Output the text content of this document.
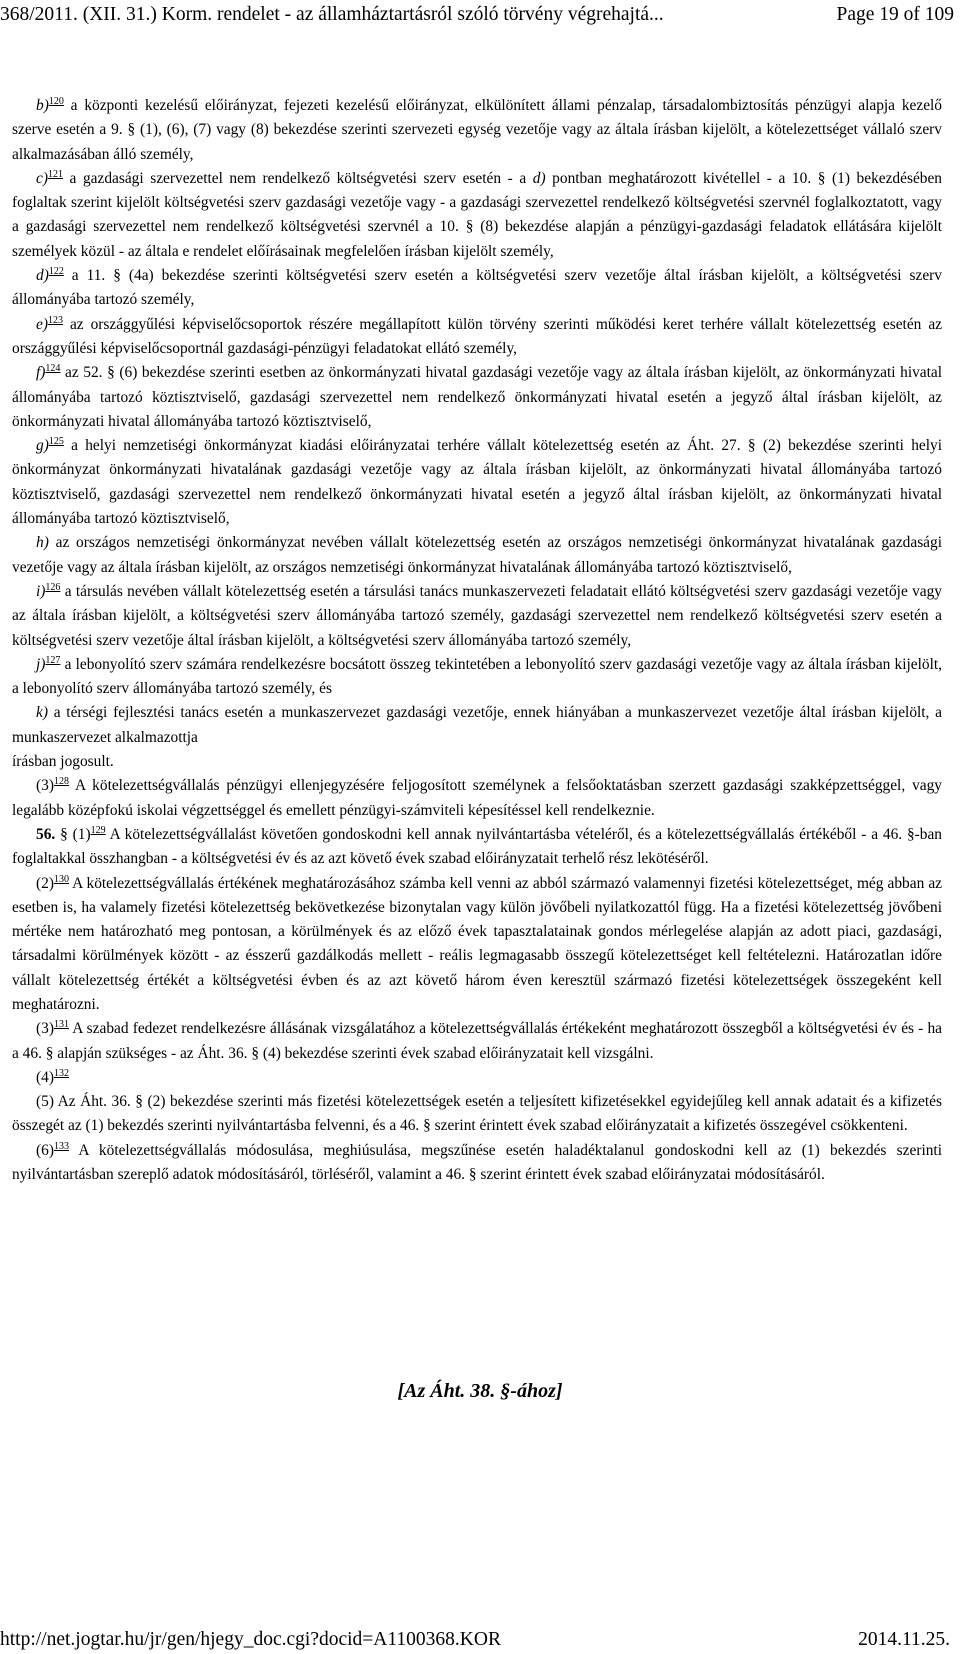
368/2011. (XII. 31.) Korm. rendelet - az államháztartásról szóló törvény végrehajtá...	Page 19 of 109

b)$^{120}$ a központi kezelésű előirányzat, fejezeti kezelésű előirányzat, elkülönített állami pénzalap, társadalombiztosítás pénzügyi alapja kezelő szerve esetén a 9. § (1), (6), (7) vagy (8) bekezdése szerinti szervezeti egység vezetője vagy az általa írásban kijelölt, a kötelezettséget vállaló szerv alkalmazásában álló személy,

c)$^{121}$ a gazdasági szervezettel nem rendelkező költségvetési szerv esetén - a d) pontban meghatározott kivétellel - a 10. § (1) bekezdésében foglaltak szerint kijelölt költségvetési szerv gazdasági vezetője vagy - a gazdasági szervezettel rendelkező költségvetési szervnél foglalkoztatott, vagy a gazdasági szervezettel nem rendelkező költségvetési szervnél a 10. § (8) bekezdése alapján a pénzügyi-gazdasági feladatok ellátására kijelölt személyek közül - az általa e rendelet előírásainak megfelelően írásban kijelölt személy,

d)$^{122}$ a 11. § (4a) bekezdése szerinti költségvetési szerv esetén a költségvetési szerv vezetője által írásban kijelölt, a költségvetési szerv állományába tartozó személy,

e)$^{123}$ az országgyűlési képviselőcsoportok részére megállapított külön törvény szerinti működési keret terhére vállalt kötelezettség esetén az országgyűlési képviselőcsoportnál gazdasági-pénzügyi feladatokat ellátó személy,

f)$^{124}$ az 52. § (6) bekezdése szerinti esetben az önkormányzati hivatal gazdasági vezetője vagy az általa írásban kijelölt, az önkormányzati hivatal állományába tartozó köztisztviselő, gazdasági szervezettel nem rendelkező önkormányzati hivatal esetén a jegyző által írásban kijelölt, az önkormányzati hivatal állományába tartozó köztisztviselő,

g)$^{125}$ a helyi nemzetiségi önkormányzat kiadási előirányzatai terhére vállalt kötelezettség esetén az Áht. 27. § (2) bekezdése szerinti helyi önkormányzat önkormányzati hivatalának gazdasági vezetője vagy az általa írásban kijelölt, az önkormányzati hivatal állományába tartozó köztisztviselő, gazdasági szervezettel nem rendelkező önkormányzati hivatal esetén a jegyző által írásban kijelölt, az önkormányzati hivatal állományába tartozó köztisztviselő,

h) az országos nemzetiségi önkormányzat nevében vállalt kötelezettség esetén az országos nemzetiségi önkormányzat hivatalának gazdasági vezetője vagy az általa írásban kijelölt, az országos nemzetiségi önkormányzat hivatalának állományába tartozó köztisztviselő,

i)$^{126}$ a társulás nevében vállalt kötelezettség esetén a társulási tanács munkaszervezeti feladatait ellátó költségvetési szerv gazdasági vezetője vagy az általa írásban kijelölt, a költségvetési szerv állományába tartozó személy, gazdasági szervezettel nem rendelkező költségvetési szerv esetén a költségvetési szerv vezetője által írásban kijelölt, a költségvetési szerv állományába tartozó személy,

j)$^{127}$ a lebonyolító szerv számára rendelkezésre bocsátott összeg tekintetében a lebonyolító szerv gazdasági vezetője vagy az általa írásban kijelölt, a lebonyolító szerv állományába tartozó személy, és

k) a térségi fejlesztési tanács esetén a munkaszervezet gazdasági vezetője, ennek hiányában a munkaszervezet vezetője által írásban kijelölt, a munkaszervezet alkalmazottja

írásban jogosult.

(3)$^{128}$ A kötelezettségvállalás pénzügyi ellenjegyzésére feljogosított személynek a felsőoktatásban szerzett gazdasági szakképzettséggel, vagy legalább középfokú iskolai végzettséggel és emellett pénzügyi-számviteli képesítéssel kell rendelkeznie.

56. § (1)$^{129}$ A kötelezettségvállalást követően gondoskodni kell annak nyilvántartásba vételéről, és a kötelezettségvállalás értékéből - a 46. §-ban foglaltakkal összhangban - a költségvetési év és az azt követő évek szabad előirányzatait terhelő rész lekötéséről.

(2)$^{130}$ A kötelezettségvállalás értékének meghatározásához számba kell venni az abból származó valamennyi fizetési kötelezettséget, még abban az esetben is, ha valamely fizetési kötelezettség bekövetkezése bizonytalan vagy külön jövőbeli nyilatkozattól függ. Ha a fizetési kötelezettség jövőbeni mértéke nem határozható meg pontosan, a körülmények és az előző évek tapasztalatainak gondos mérlegelése alapján az adott piaci, gazdasági, társadalmi körülmények között - az ésszerű gazdálkodás mellett - reális legmagasabb összegű kötelezettséget kell feltételezni. Határozatlan időre vállalt kötelezettség értékét a költségvetési évben és az azt követő három éven keresztül származó fizetési kötelezettségek összegeként kell meghatározni.

(3)$^{131}$ A szabad fedezet rendelkezésre állásának vizsgálatához a kötelezettségvállalás értékeként meghatározott összegből a költségvetési év és - ha a 46. § alapján szükséges - az Áht. 36. § (4) bekezdése szerinti évek szabad előirányzatait kell vizsgálni.

(4)$^{132}$

(5) Az Áht. 36. § (2) bekezdése szerinti más fizetési kötelezettségek esetén a teljesített kifizetésekkel egyidejűleg kell annak adatait és a kifizetés összegét az (1) bekezdés szerinti nyilvántartásba felvenni, és a 46. § szerint érintett évek szabad előirányzatait a kifizetés összegével csökkenteni.

(6)$^{133}$ A kötelezettségvállalás módosulása, meghiúsulása, megszűnése esetén haladéktalanul gondoskodni kell az (1) bekezdés szerinti nyilvántartásban szereplő adatok módosításáról, törléséről, valamint a 46. § szerint érintett évek szabad előirányzatai módosításáról.

[Az Áht. 38. §-ához]
http://net.jogtar.hu/jr/gen/hjegy_doc.cgi?docid=A1100368.KOR	2014.11.25.
